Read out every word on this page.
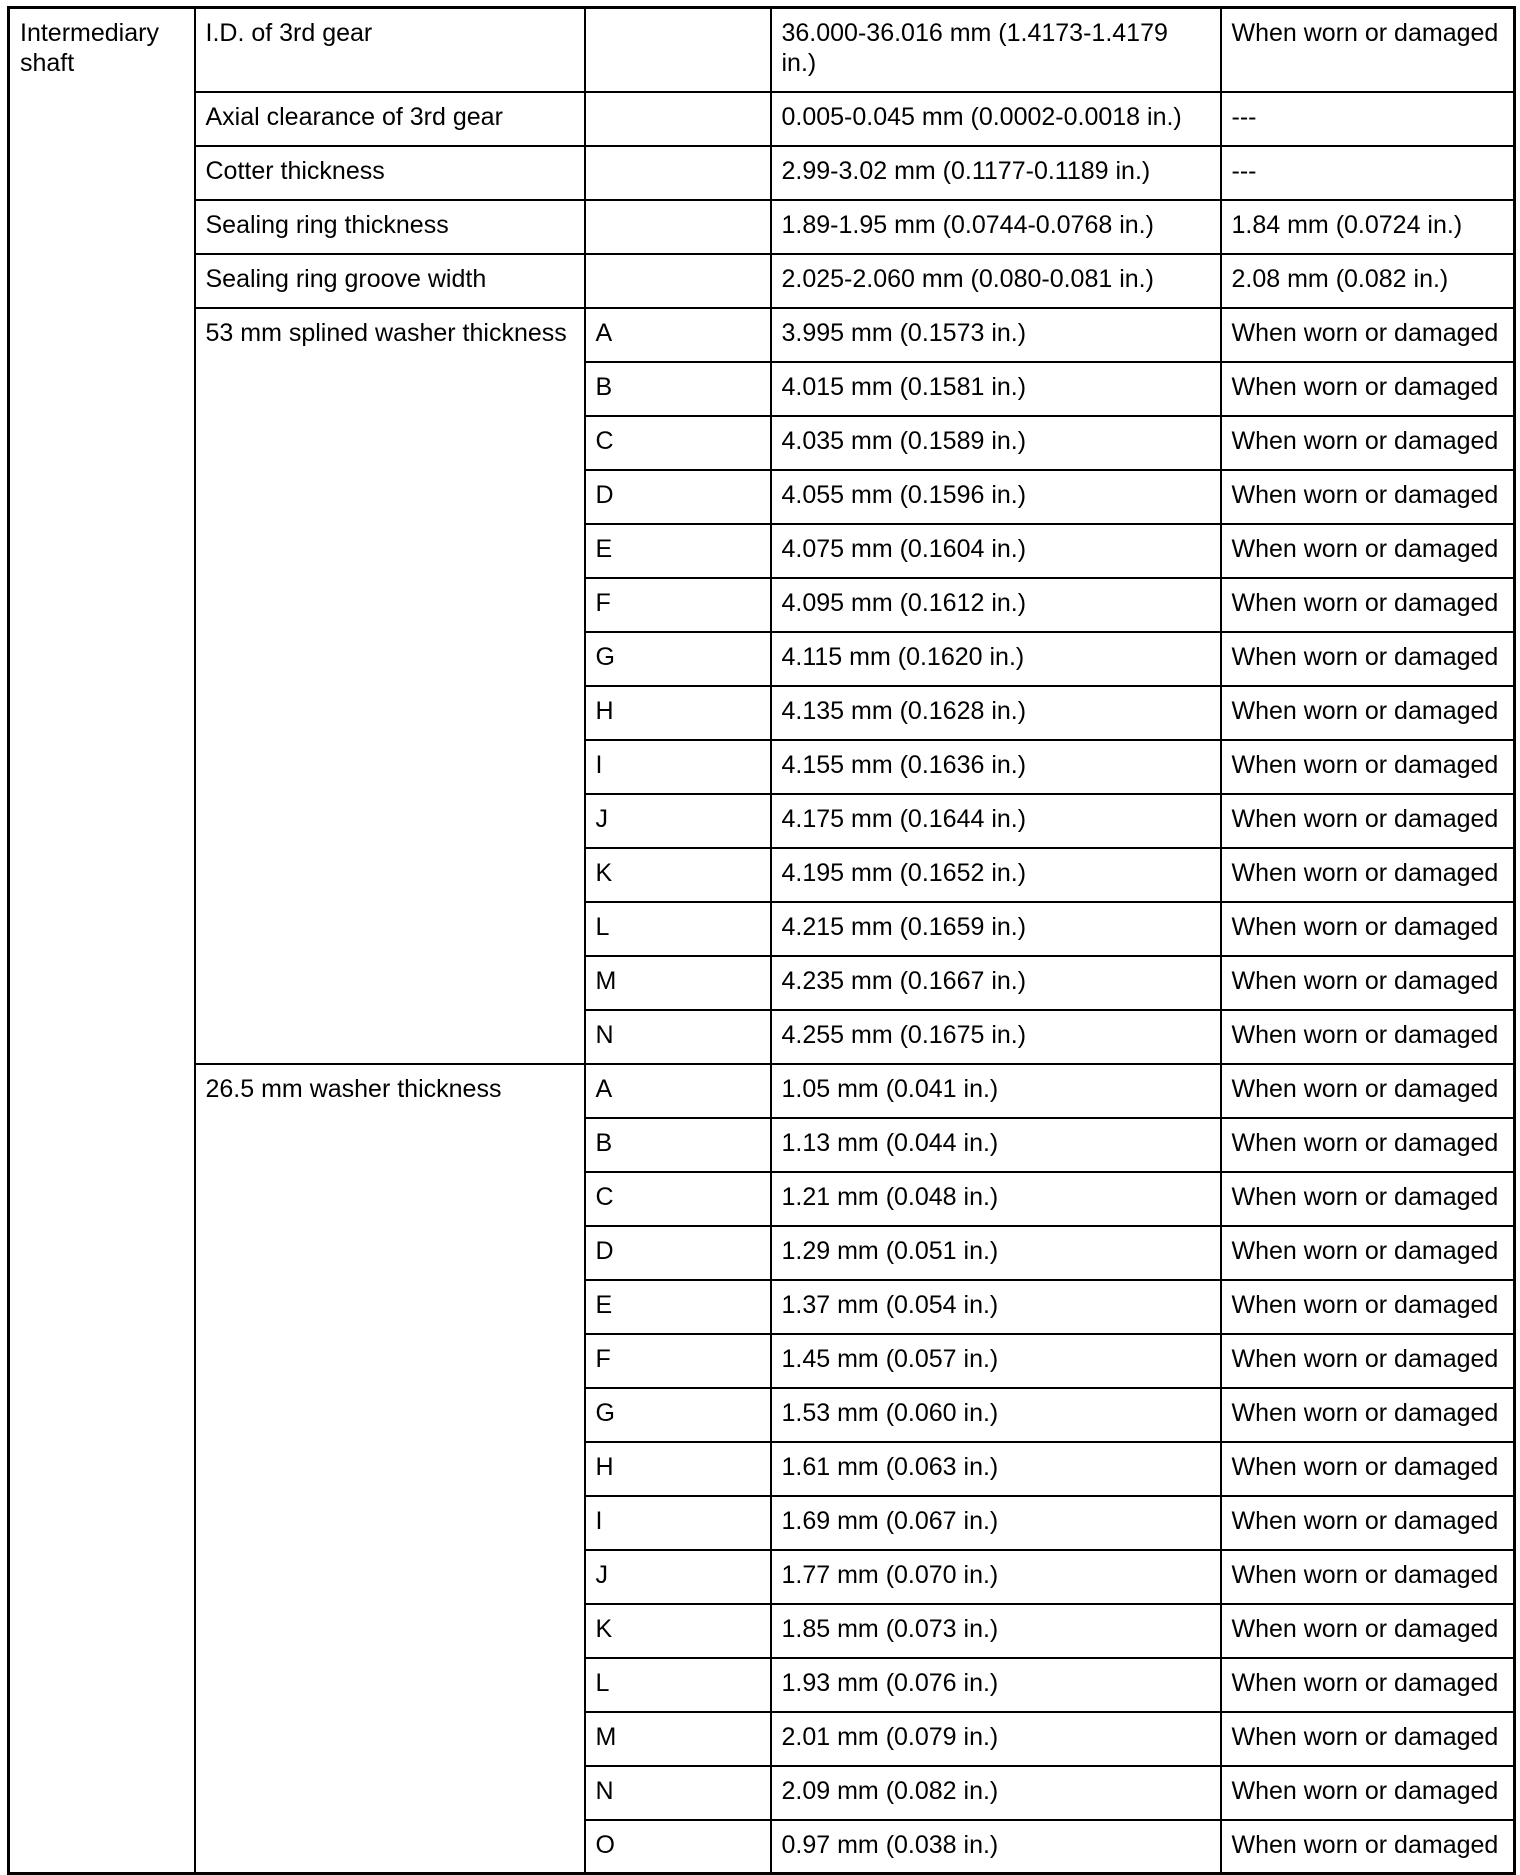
Intermediary shaft	I.D. of 3rd gear		36.000-36.016 mm (1.4173-1.4179 in.)	When worn or damaged
	Axial clearance of 3rd gear		0.005-0.045 mm (0.0002-0.0018 in.)	---
	Cotter thickness		2.99-3.02 mm (0.1177-0.1189 in.)	---
	Sealing ring thickness		1.89-1.95 mm (0.0744-0.0768 in.)	1.84 mm (0.0724 in.)
	Sealing ring groove width		2.025-2.060 mm (0.080-0.081 in.)	2.08 mm (0.082 in.)
	53 mm splined washer thickness	A	3.995 mm (0.1573 in.)	When worn or damaged
		B	4.015 mm (0.1581 in.)	When worn or damaged
		C	4.035 mm (0.1589 in.)	When worn or damaged
		D	4.055 mm (0.1596 in.)	When worn or damaged
		E	4.075 mm (0.1604 in.)	When worn or damaged
		F	4.095 mm (0.1612 in.)	When worn or damaged
		G	4.115 mm (0.1620 in.)	When worn or damaged
		H	4.135 mm (0.1628 in.)	When worn or damaged
		I	4.155 mm (0.1636 in.)	When worn or damaged
		J	4.175 mm (0.1644 in.)	When worn or damaged
		K	4.195 mm (0.1652 in.)	When worn or damaged
		L	4.215 mm (0.1659 in.)	When worn or damaged
		M	4.235 mm (0.1667 in.)	When worn or damaged
		N	4.255 mm (0.1675 in.)	When worn or damaged
	26.5 mm washer thickness	A	1.05 mm (0.041 in.)	When worn or damaged
		B	1.13 mm (0.044 in.)	When worn or damaged
		C	1.21 mm (0.048 in.)	When worn or damaged
		D	1.29 mm (0.051 in.)	When worn or damaged
		E	1.37 mm (0.054 in.)	When worn or damaged
		F	1.45 mm (0.057 in.)	When worn or damaged
		G	1.53 mm (0.060 in.)	When worn or damaged
		H	1.61 mm (0.063 in.)	When worn or damaged
		I	1.69 mm (0.067 in.)	When worn or damaged
		J	1.77 mm (0.070 in.)	When worn or damaged
		K	1.85 mm (0.073 in.)	When worn or damaged
		L	1.93 mm (0.076 in.)	When worn or damaged
		M	2.01 mm (0.079 in.)	When worn or damaged
		N	2.09 mm (0.082 in.)	When worn or damaged
		O	0.97 mm (0.038 in.)	When worn or damaged
